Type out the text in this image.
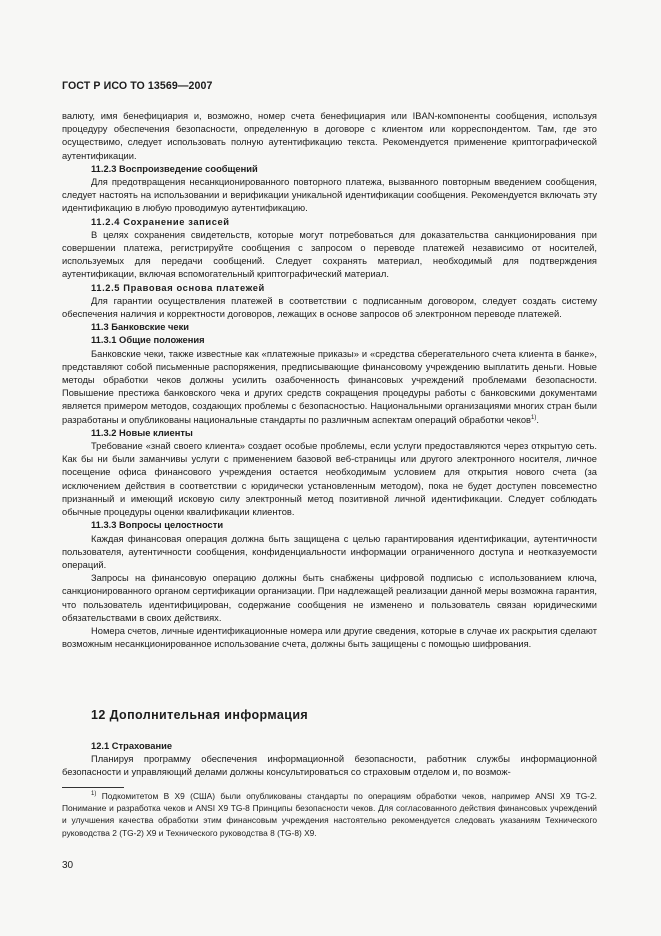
ГОСТ Р ИСО ТО 13569—2007

валюту, имя бенефициария и, возможно, номер счета бенефициария или IBAN-компоненты сообщения, используя процедуру обеспечения безопасности, определенную в договоре с клиентом или корреспондентом. Там, где это осуществимо, следует использовать полную аутентификацию текста. Рекомендуется применение криптографической аутентификации.

11.2.3 Воспроизведение сообщений

Для предотвращения несанкционированного повторного платежа, вызванного повторным введением сообщения, следует настоять на использовании и верификации уникальной идентификации сообщения. Рекомендуется включать эту идентификацию в любую проводимую аутентификацию.

11.2.4 Сохранение записей

В целях сохранения свидетельств, которые могут потребоваться для доказательства санкционирования при совершении платежа, регистрируйте сообщения с запросом о переводе платежей независимо от носителей, используемых для передачи сообщений. Следует сохранять материал, необходимый для подтверждения аутентификации, включая вспомогательный криптографический материал.

11.2.5 Правовая основа платежей

Для гарантии осуществления платежей в соответствии с подписанным договором, следует создать систему обеспечения наличия и корректности договоров, лежащих в основе запросов об электронном переводе платежей.

11.3 Банковские чеки
11.3.1 Общие положения

Банковские чеки, также известные как «платежные приказы» и «средства сберегательного счета клиента в банке», представляют собой письменные распоряжения, предписывающие финансовому учреждению выплатить деньги. Новые методы обработки чеков должны усилить озабоченность финансовых учреждений проблемами безопасности. Повышение престижа банковского чека и других средств сокращения процедуры работы с банковскими документами является примером методов, создающих проблемы с безопасностью. Национальными организациями многих стран были разработаны и опубликованы национальные стандарты по различным аспектам операций обработки чеков$^{1)}$.

11.3.2 Новые клиенты

Требование «знай своего клиента» создает особые проблемы, если услуги предоставляются через открытую сеть. Как бы ни были заманчивы услуги с применением базовой веб-страницы или другого электронного носителя, личное посещение офиса финансового учреждения остается необходимым условием для открытия нового счета (за исключением действия в соответствии с юридически установленным методом), пока не будет доступен повсеместно признанный и имеющий исковую силу электронный метод позитивной личной идентификации. Следует соблюдать обычные процедуры оценки квалификации клиентов.

11.3.3 Вопросы целостности

Каждая финансовая операция должна быть защищена с целью гарантирования идентификации, аутентичности пользователя, аутентичности сообщения, конфиденциальности информации ограниченного доступа и неотказуемости операций.

Запросы на финансовую операцию должны быть снабжены цифровой подписью с использованием ключа, санкционированного органом сертификации организации. При надлежащей реализации данной меры возможна гарантия, что пользователь идентифицирован, содержание сообщения не изменено и пользователь связан юридическими обязательствами в своих действиях.

Номера счетов, личные идентификационные номера или другие сведения, которые в случае их раскрытия сделают возможным несанкционированное использование счета, должны быть защищены с помощью шифрования.

12 Дополнительная информация
12.1 Страхование

Планируя программу обеспечения информационной безопасности, работник службы информационной безопасности и управляющий делами должны консультироваться со страховым отделом и, по возмож-

$^{1)}$ Подкомитетом В X9 (США) были опубликованы стандарты по операциям обработки чеков, например ANSI X9 TG-2. Понимание и разработка чеков и ANSI X9 TG-8 Принципы безопасности чеков. Для согласованного действия финансовых учреждений и улучшения качества обработки этим финансовым учреждения настоятельно рекомендуется следовать указаниям Технического руководства 2 (TG-2) X9 и Технического руководства 8 (TG-8) X9.

30
